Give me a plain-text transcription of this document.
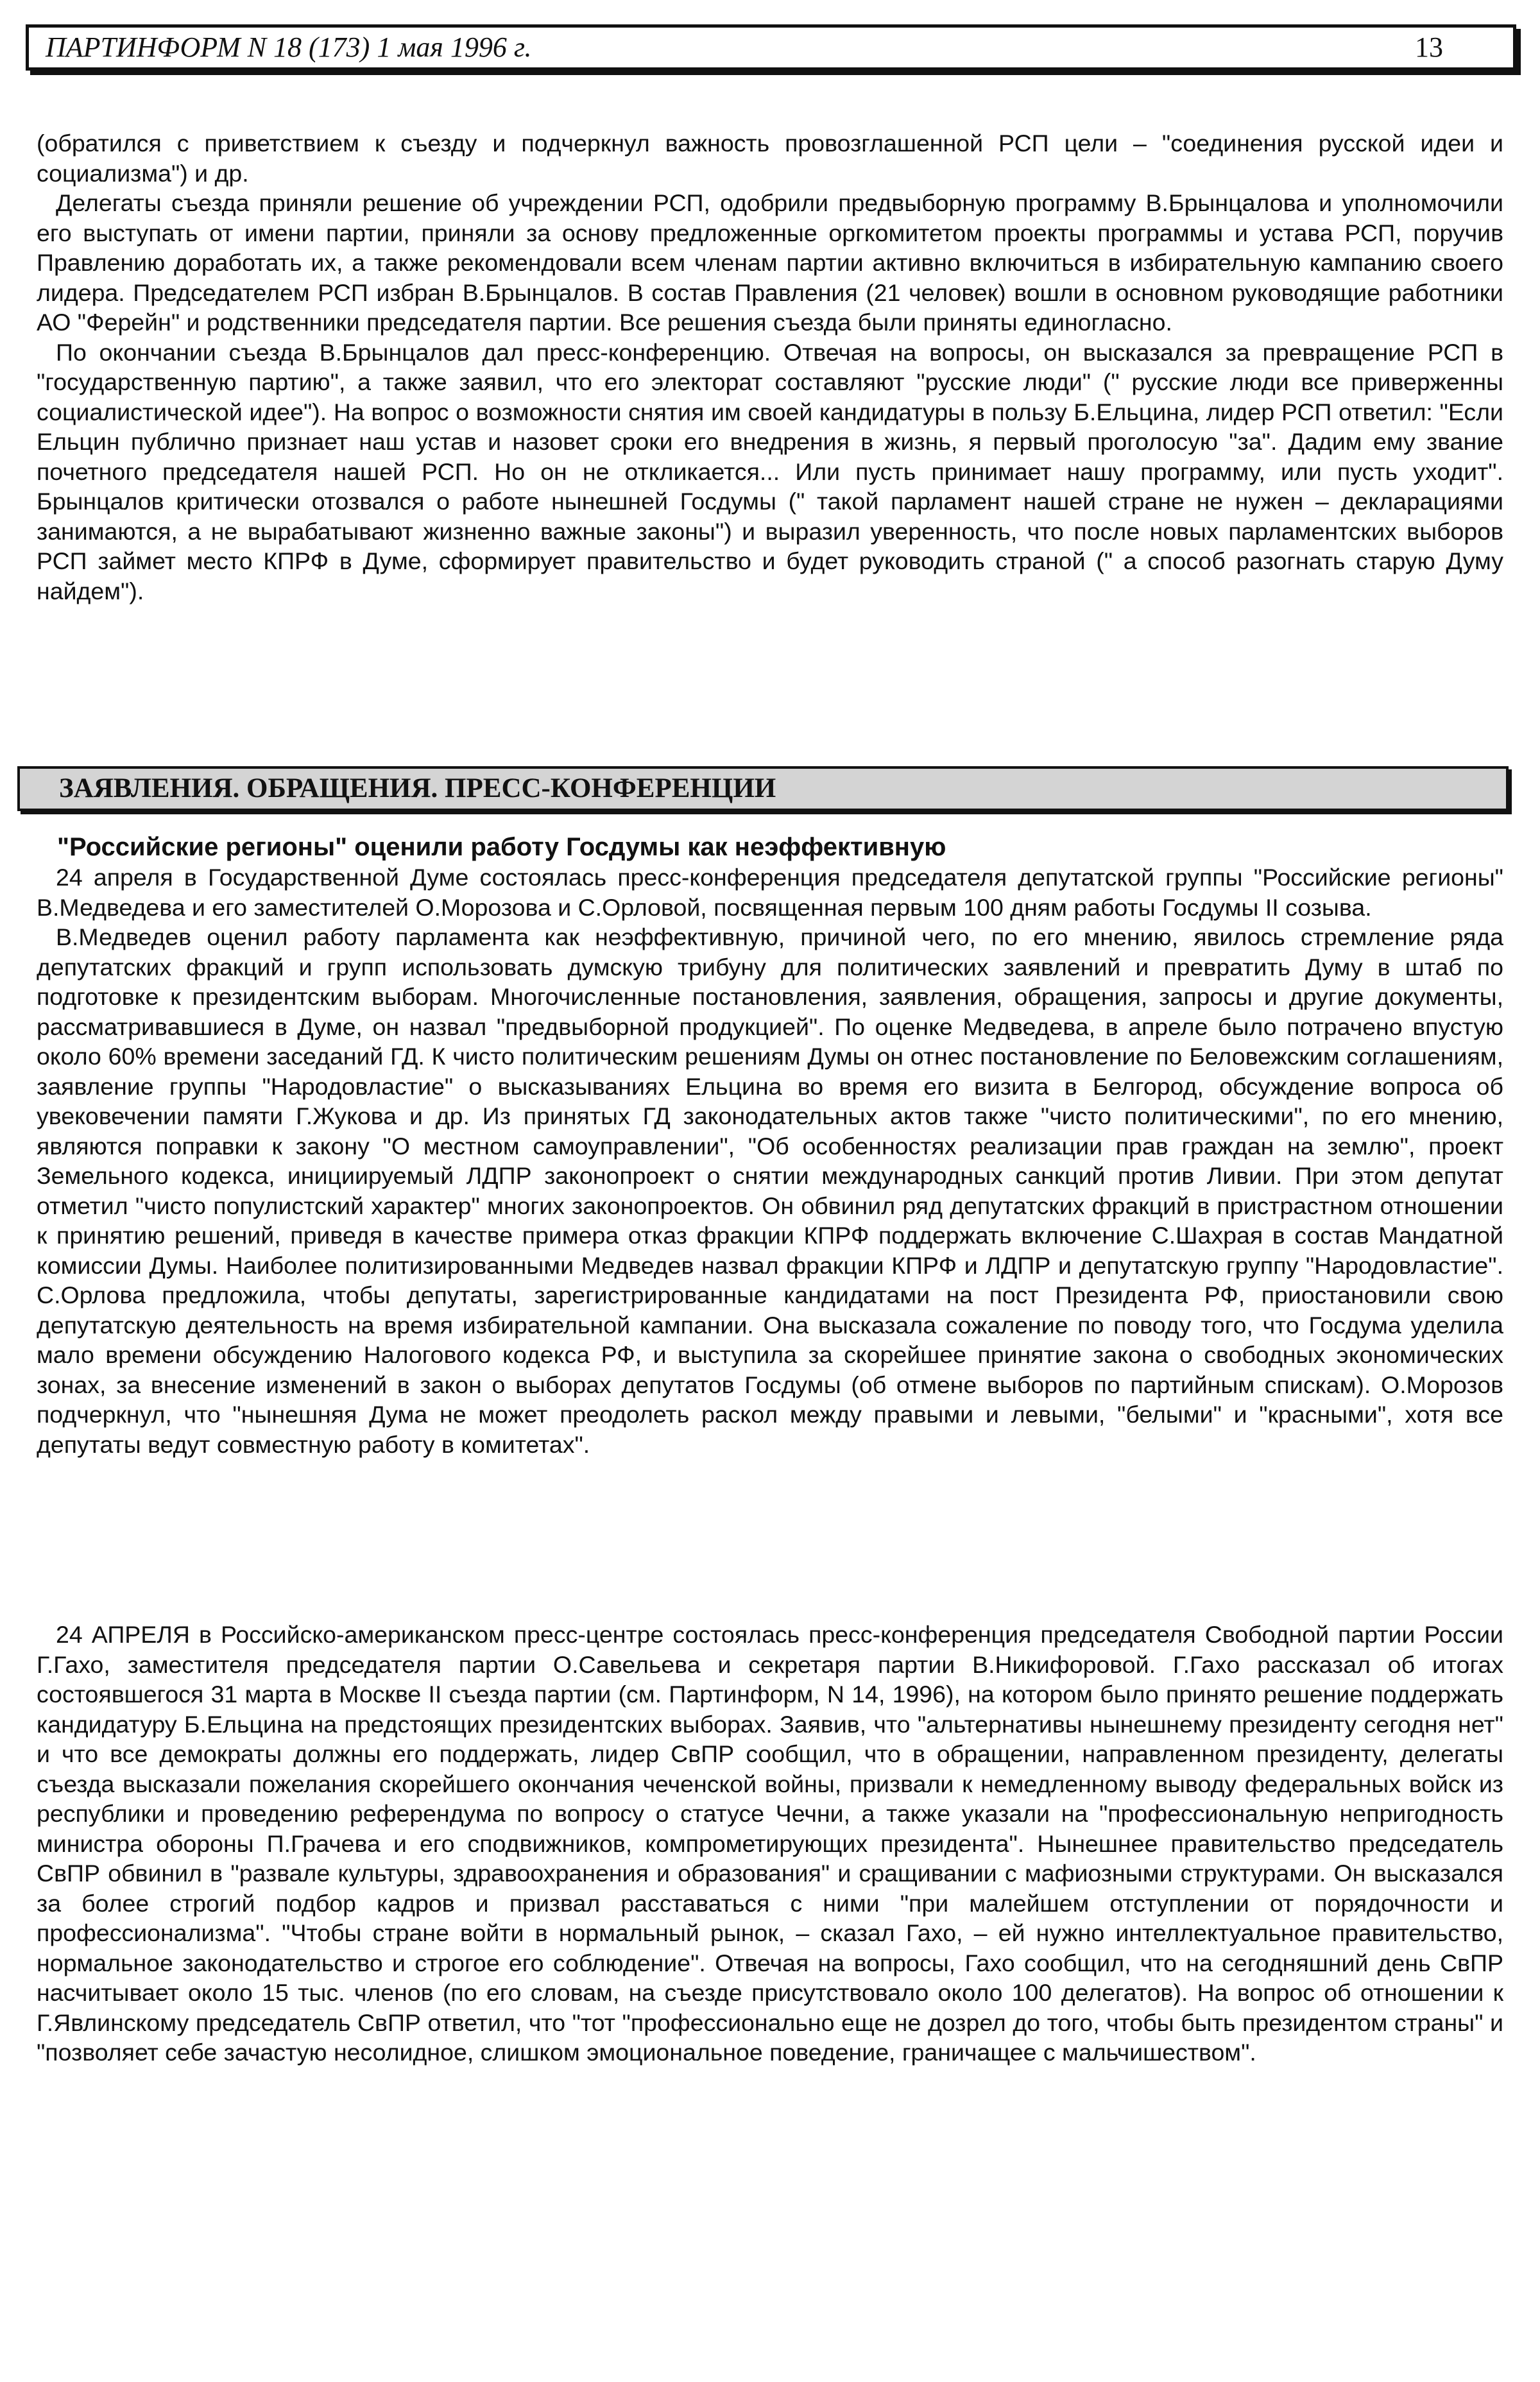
ПАРТИНФОРМ N 18 (173) 1 мая 1996 г.	13

(обратился с приветствием к съезду и подчеркнул важность провозглашенной РСП цели – "соединения русской идеи и социализма") и др.

Делегаты съезда приняли решение об учреждении РСП, одобрили предвыборную программу В.Брынцалова и уполномочили его выступать от имени партии, приняли за основу предложенные оргкомитетом проекты программы и устава РСП, поручив Правлению доработать их, а также рекомендовали всем членам партии активно включиться в избирательную кампанию своего лидера. Председателем РСП избран В.Брынцалов. В состав Правления (21 человек) вошли в основном руководящие работники АО "Ферейн" и родственники председателя партии. Все решения съезда были приняты единогласно.

По окончании съезда В.Брынцалов дал пресс-конференцию. Отвечая на вопросы, он высказался за превращение РСП в "государственную партию", а также заявил, что его электорат составляют "русские люди" (" русские люди все приверженны социалистической идее"). На вопрос о возможности снятия им своей кандидатуры в пользу Б.Ельцина, лидер РСП ответил: "Если Ельцин публично признает наш устав и назовет сроки его внедрения в жизнь, я первый проголосую "за". Дадим ему звание почетного председателя нашей РСП. Но он не откликается... Или пусть принимает нашу программу, или пусть уходит". Брынцалов критически отозвался о работе нынешней Госдумы (" такой парламент нашей стране не нужен – декларациями занимаются, а не вырабатывают жизненно важные законы") и выразил уверенность, что после новых парламентских выборов РСП займет место КПРФ в Думе, сформирует правительство и будет руководить страной (" а способ разогнать старую Думу найдем").

ЗАЯВЛЕНИЯ. ОБРАЩЕНИЯ. ПРЕСС-КОНФЕРЕНЦИИ
"Российские регионы" оценили работу Госдумы как неэффективную

24 апреля в Государственной Думе состоялась пресс-конференция председателя депутатской группы "Российские регионы" В.Медведева и его заместителей О.Морозова и С.Орловой, посвященная первым 100 дням работы Госдумы II созыва.

В.Медведев оценил работу парламента как неэффективную, причиной чего, по его мнению, явилось стремление ряда депутатских фракций и групп использовать думскую трибуну для политических заявлений и превратить Думу в штаб по подготовке к президентским выборам. Многочисленные постановления, заявления, обращения, запросы и другие документы, рассматривавшиеся в Думе, он назвал "предвыборной продукцией". По оценке Медведева, в апреле было потрачено впустую около 60% времени заседаний ГД. К чисто политическим решениям Думы он отнес постановление по Беловежским соглашениям, заявление группы "Народовластие" о высказываниях Ельцина во время его визита в Белгород, обсуждение вопроса об увековечении памяти Г.Жукова и др. Из принятых ГД законодательных актов также "чисто политическими", по его мнению, являются поправки к закону "О местном самоуправлении", "Об особенностях реализации прав граждан на землю", проект Земельного кодекса, инициируемый ЛДПР законопроект о снятии международных санкций против Ливии. При этом депутат отметил "чисто популистский характер" многих законопроектов. Он обвинил ряд депутатских фракций в пристрастном отношении к принятию решений, приведя в качестве примера отказ фракции КПРФ поддержать включение С.Шахрая в состав Мандатной комиссии Думы. Наиболее политизированными Медведев назвал фракции КПРФ и ЛДПР и депутатскую группу "Народовластие". С.Орлова предложила, чтобы депутаты, зарегистрированные кандидатами на пост Президента РФ, приостановили свою депутатскую деятельность на время избирательной кампании. Она высказала сожаление по поводу того, что Госдума уделила мало времени обсуждению Налогового кодекса РФ, и выступила за скорейшее принятие закона о свободных экономических зонах, за внесение изменений в закон о выборах депутатов Госдумы (об отмене выборов по партийным спискам). О.Морозов подчеркнул, что "нынешняя Дума не может преодолеть раскол между правыми и левыми, "белыми" и "красными", хотя все депутаты ведут совместную работу в комитетах".

24 АПРЕЛЯ в Российско-американском пресс-центре состоялась пресс-конференция председателя Свободной партии России Г.Гахо, заместителя председателя партии О.Савельева и секретаря партии В.Никифоровой. Г.Гахо рассказал об итогах состоявшегося 31 марта в Москве II съезда партии (см. Партинформ, N 14, 1996), на котором было принято решение поддержать кандидатуру Б.Ельцина на предстоящих президентских выборах. Заявив, что "альтернативы нынешнему президенту сегодня нет" и что все демократы должны его поддержать, лидер СвПР сообщил, что в обращении, направленном президенту, делегаты съезда высказали пожелания скорейшего окончания чеченской войны, призвали к немедленному выводу федеральных войск из республики и проведению референдума по вопросу о статусе Чечни, а также указали на "профессиональную непригодность министра обороны П.Грачева и его сподвижников, компрометирующих президента". Нынешнее правительство председатель СвПР обвинил в "развале культуры, здравоохранения и образования" и сращивании с мафиозными структурами. Он высказался за более строгий подбор кадров и призвал расставаться с ними "при малейшем отступлении от порядочности и профессионализма". "Чтобы стране войти в нормальный рынок, – сказал Гахо, – ей нужно интеллектуальное правительство, нормальное законодательство и строгое его соблюдение". Отвечая на вопросы, Гахо сообщил, что на сегодняшний день СвПР насчитывает около 15 тыс. членов (по его словам, на съезде присутствовало около 100 делегатов). На вопрос об отношении к Г.Явлинскому председатель СвПР ответил, что "тот "профессионально еще не дозрел до того, чтобы быть президентом страны" и "позволяет себе зачастую несолидное, слишком эмоциональное поведение, граничащее с мальчишеством".
